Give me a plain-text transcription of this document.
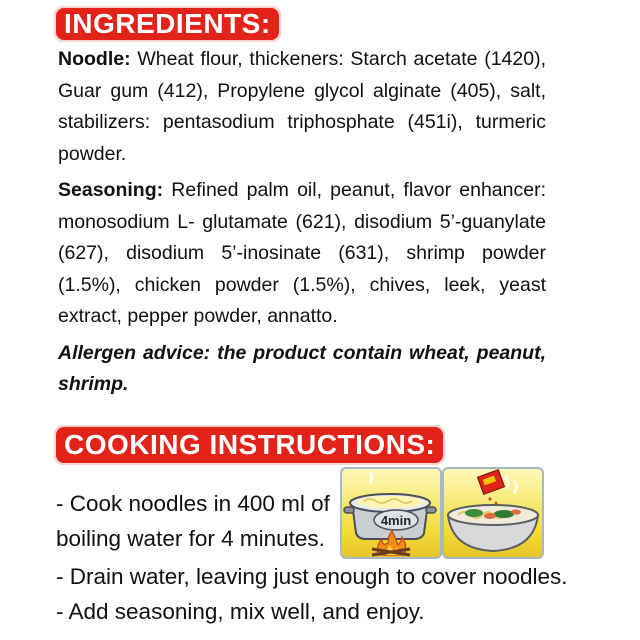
INGREDIENTS:

Noodle: Wheat flour, thickeners: Starch acetate (1420), Guar gum (412), Propylene glycol alginate (405), salt, stabilizers: pentasodium triphosphate (451i), turmeric powder.

Seasoning: Refined palm oil, peanut, flavor enhancer: monosodium L- glutamate (621), disodium 5’-guanylate (627), disodium 5’-inosinate (631), shrimp powder (1.5%), chicken powder (1.5%), chives, leek, yeast extract, pepper powder, annatto.

Allergen advice: the product contain wheat, peanut, shrimp.

COOKING INSTRUCTIONS:
- Cook noodles in 400 ml of
boiling water for 4 minutes.
- Drain water, leaving just enough to cover noodles.
- Add seasoning, mix well, and enjoy.
4min
